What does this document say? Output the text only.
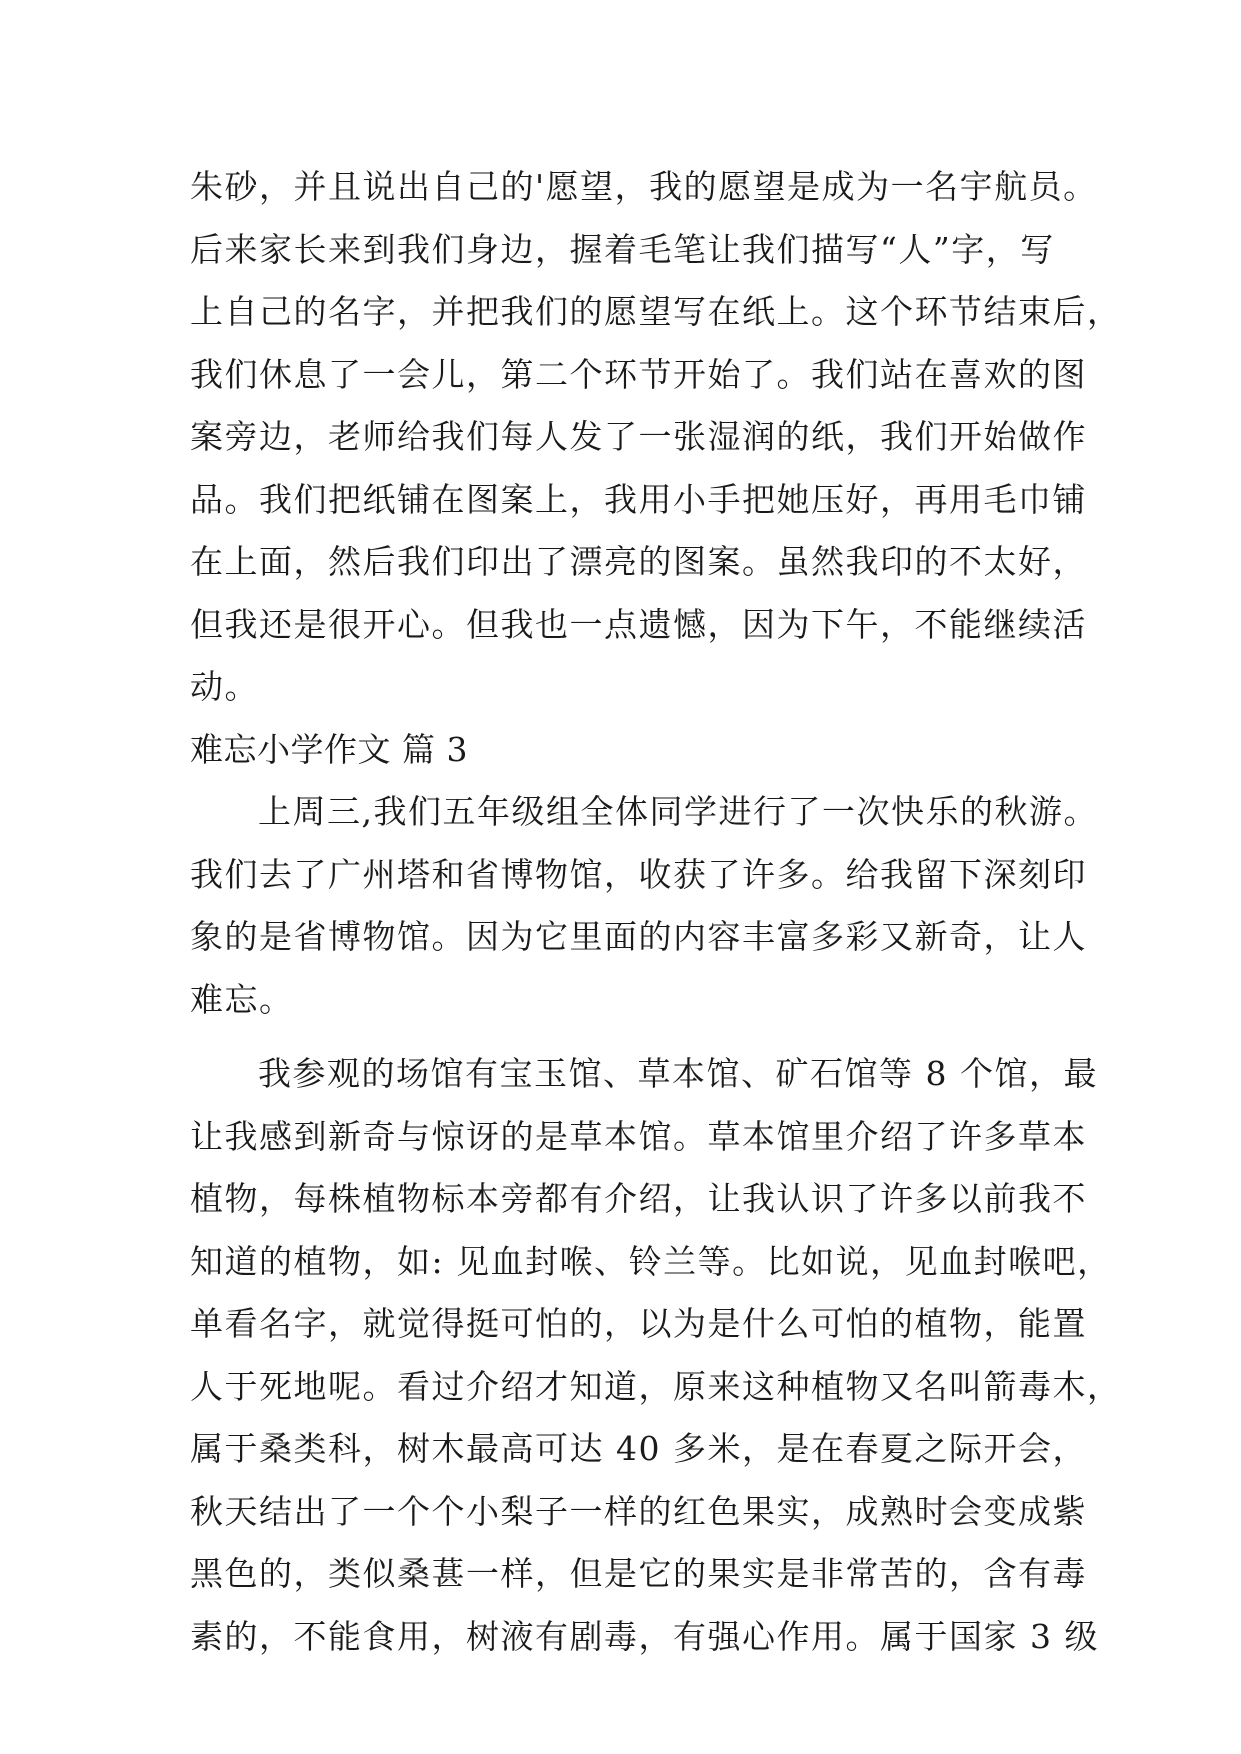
朱砂，并且说出自己的'愿望，我的愿望是成为一名宇航员。
后来家长来到我们身边，握着毛笔让我们描写“人”字，写
上自己的名字，并把我们的愿望写在纸上。这个环节结束后，
我们休息了一会儿，第二个环节开始了。我们站在喜欢的图
案旁边，老师给我们每人发了一张湿润的纸，我们开始做作
品。我们把纸铺在图案上，我用小手把她压好，再用毛巾铺
在上面，然后我们印出了漂亮的图案。虽然我印的不太好，
但我还是很开心。但我也一点遗憾，因为下午，不能继续活
动。
难忘小学作文 篇 3
上周三,我们五年级组全体同学进行了一次快乐的秋游。
我们去了广州塔和省博物馆，收获了许多。给我留下深刻印
象的是省博物馆。因为它里面的内容丰富多彩又新奇，让人
难忘。
我参观的场馆有宝玉馆、草本馆、矿石馆等 8 个馆，最
让我感到新奇与惊讶的是草本馆。草本馆里介绍了许多草本
植物，每株植物标本旁都有介绍，让我认识了许多以前我不
知道的植物，如: 见血封喉、铃兰等。比如说，见血封喉吧，
单看名字，就觉得挺可怕的，以为是什么可怕的植物，能置
人于死地呢。看过介绍才知道，原来这种植物又名叫箭毒木，
属于桑类科，树木最高可达 40 多米，是在春夏之际开会，
秋天结出了一个个小梨子一样的红色果实，成熟时会变成紫
黑色的，类似桑葚一样，但是它的果实是非常苦的，含有毒
素的，不能食用，树液有剧毒，有强心作用。属于国家 3 级
